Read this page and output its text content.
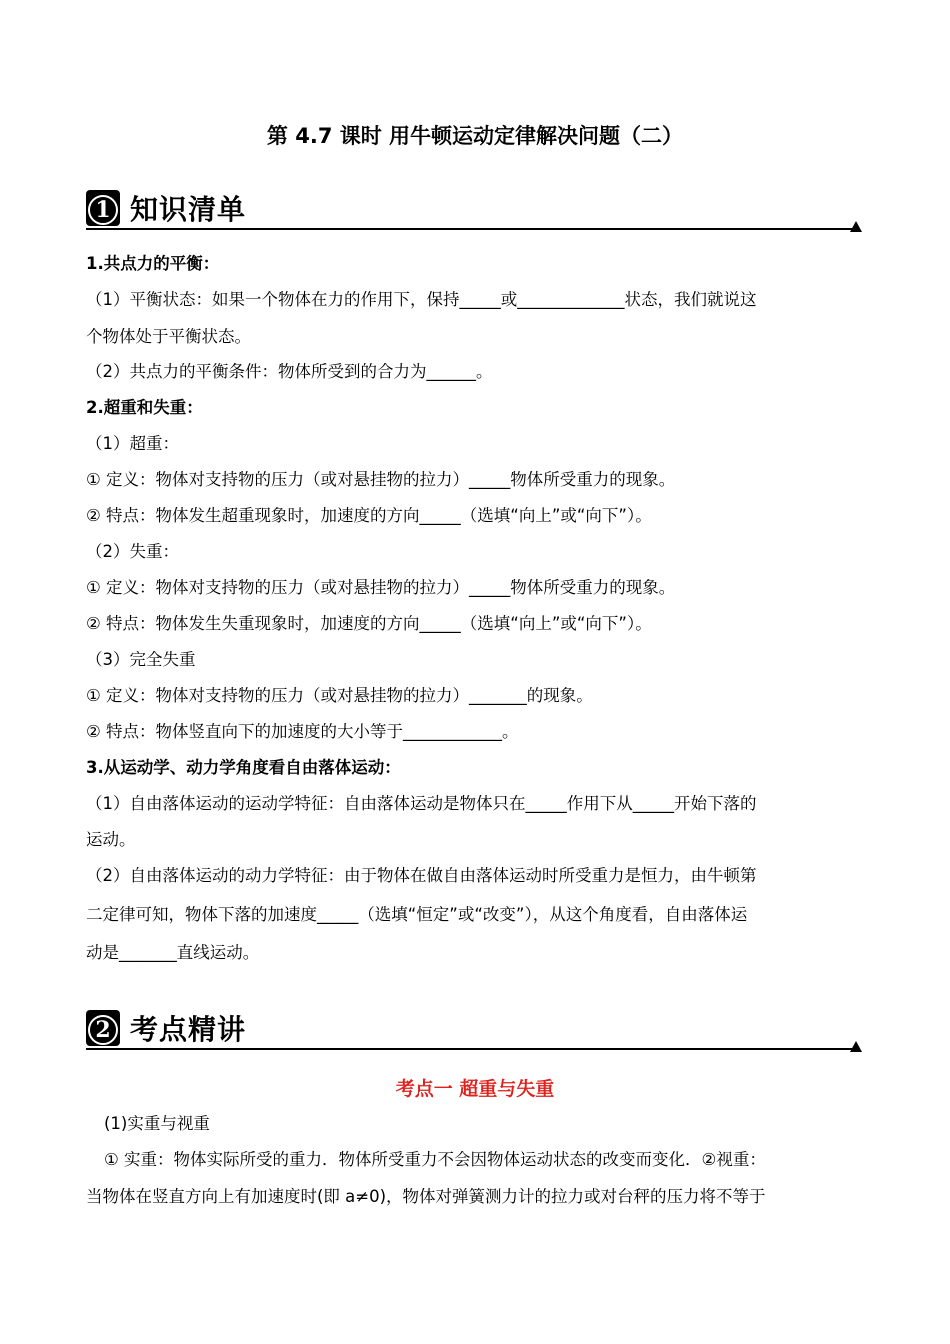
第 4.7 课时 用牛顿运动定律解决问题（二）
1 知识清单
1.共点力的平衡：
（1）平衡状态：如果一个物体在力的作用下，保持_____或_____________状态，我们就说这
个物体处于平衡状态。
（2）共点力的平衡条件：物体所受到的合力为______。
2.超重和失重：
（1）超重：
① 定义：物体对支持物的压力（或对悬挂物的拉力）_____物体所受重力的现象。
② 特点：物体发生超重现象时，加速度的方向_____（选填“向上”或“向下”）。
（2）失重：
① 定义：物体对支持物的压力（或对悬挂物的拉力）_____物体所受重力的现象。
② 特点：物体发生失重现象时，加速度的方向_____（选填“向上”或“向下”）。
（3）完全失重
① 定义：物体对支持物的压力（或对悬挂物的拉力）_______的现象。
② 特点：物体竖直向下的加速度的大小等于____________。
3.从运动学、动力学角度看自由落体运动：
（1）自由落体运动的运动学特征：自由落体运动是物体只在_____作用下从_____开始下落的
运动。
（2）自由落体运动的动力学特征：由于物体在做自由落体运动时所受重力是恒力，由牛顿第
二定律可知，物体下落的加速度_____（选填“恒定”或“改变”），从这个角度看，自由落体运
动是_______直线运动。
2 考点精讲
考点一 超重与失重
(1)实重与视重
① 实重：物体实际所受的重力．物体所受重力不会因物体运动状态的改变而变化．②视重：
当物体在竖直方向上有加速度时(即 a≠0)，物体对弹簧测力计的拉力或对台秤的压力将不等于
